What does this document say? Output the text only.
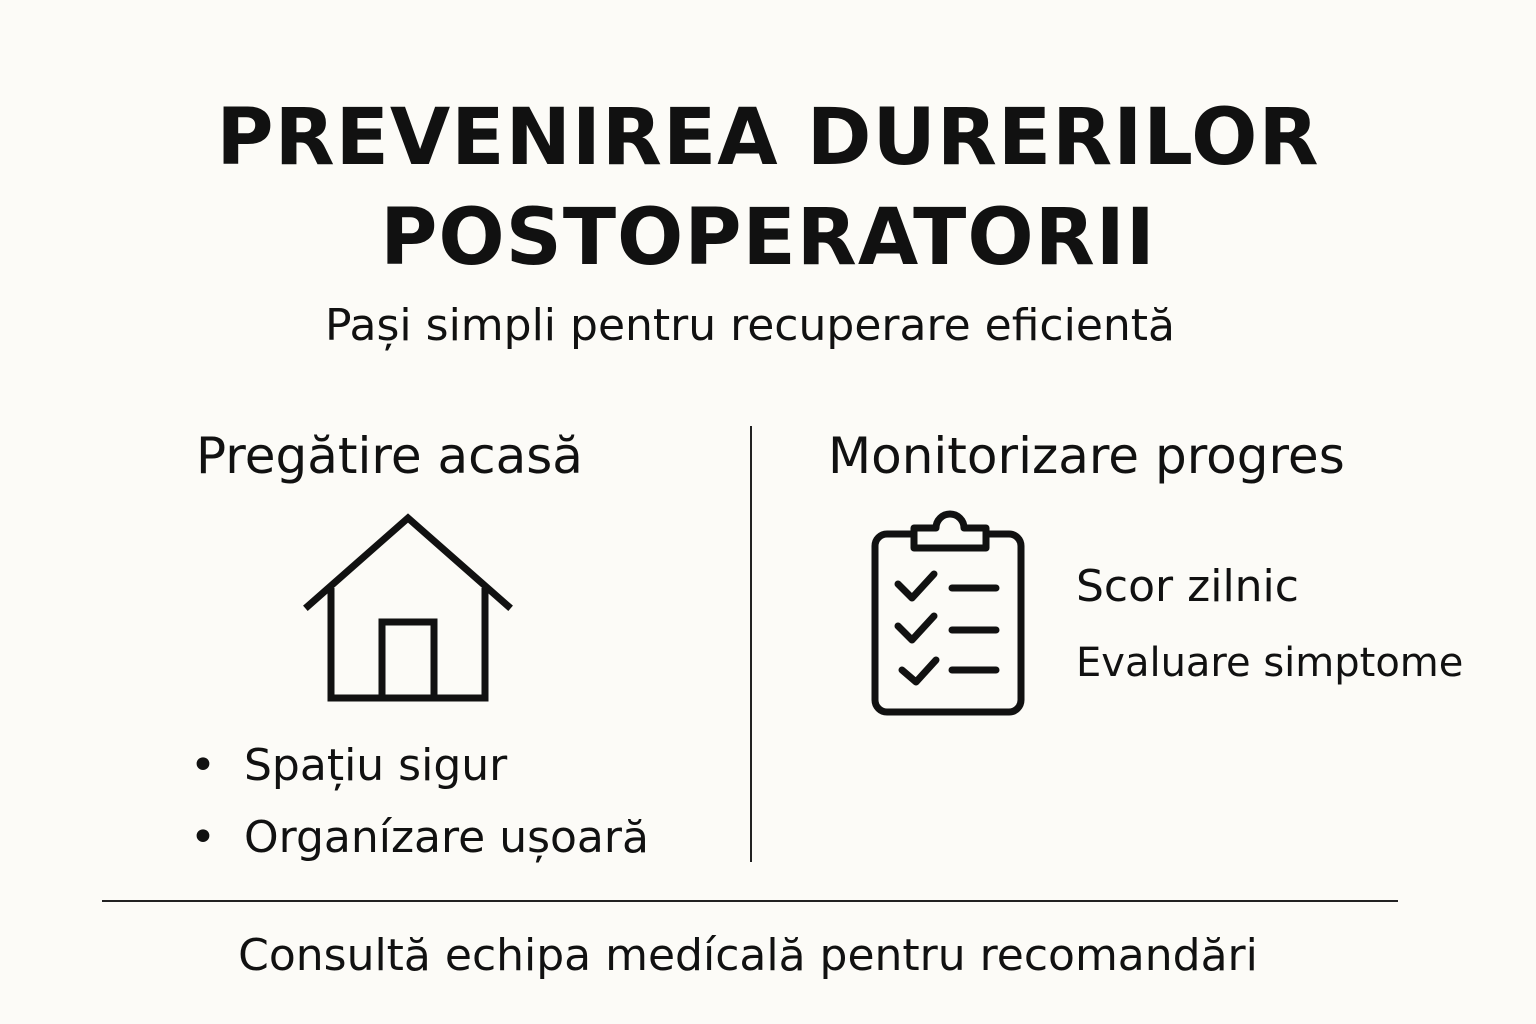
PREVENIREA DURERILOR
POSTOPERATORII

Pași simpli pentru recuperare eficientă

Pregătire acasă	Monitorizare progres
• Spațiu sigur
• Organízare ușoară
Scor zilnic
Evaluare simptome
Consultă echipa medícală pentru recomandări
